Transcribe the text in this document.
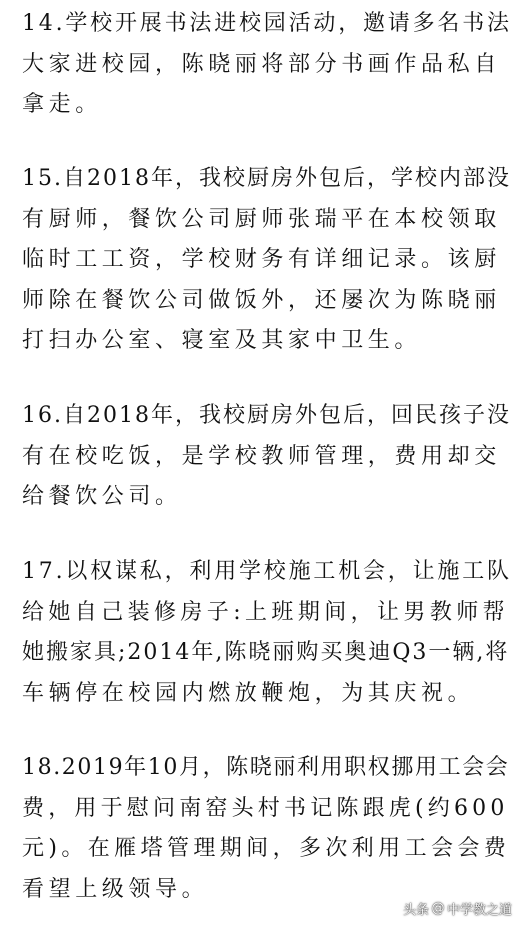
14.学校开展书法进校园活动，邀请多名书法
大家进校园，陈晓丽将部分书画作品私自
拿走。
15.自2018年，我校厨房外包后，学校内部没
有厨师，餐饮公司厨师张瑞平在本校领取
临时工工资，学校财务有详细记录。该厨
师除在餐饮公司做饭外，还屡次为陈晓丽
打扫办公室、寝室及其家中卫生。
16.自2018年，我校厨房外包后，回民孩子没
有在校吃饭，是学校教师管理，费用却交
给餐饮公司。
17.以权谋私，利用学校施工机会，让施工队
给她自己装修房子:上班期间，让男教师帮
她搬家具;2014年,陈晓丽购买奥迪Q3一辆,将
车辆停在校园内燃放鞭炮，为其庆祝。
18.2019年10月，陈晓丽利用职权挪用工会会
费，用于慰问南窑头村书记陈跟虎(约600
元)。在雁塔管理期间，多次利用工会会费
看望上级领导。
头条 @ 中学教之道
